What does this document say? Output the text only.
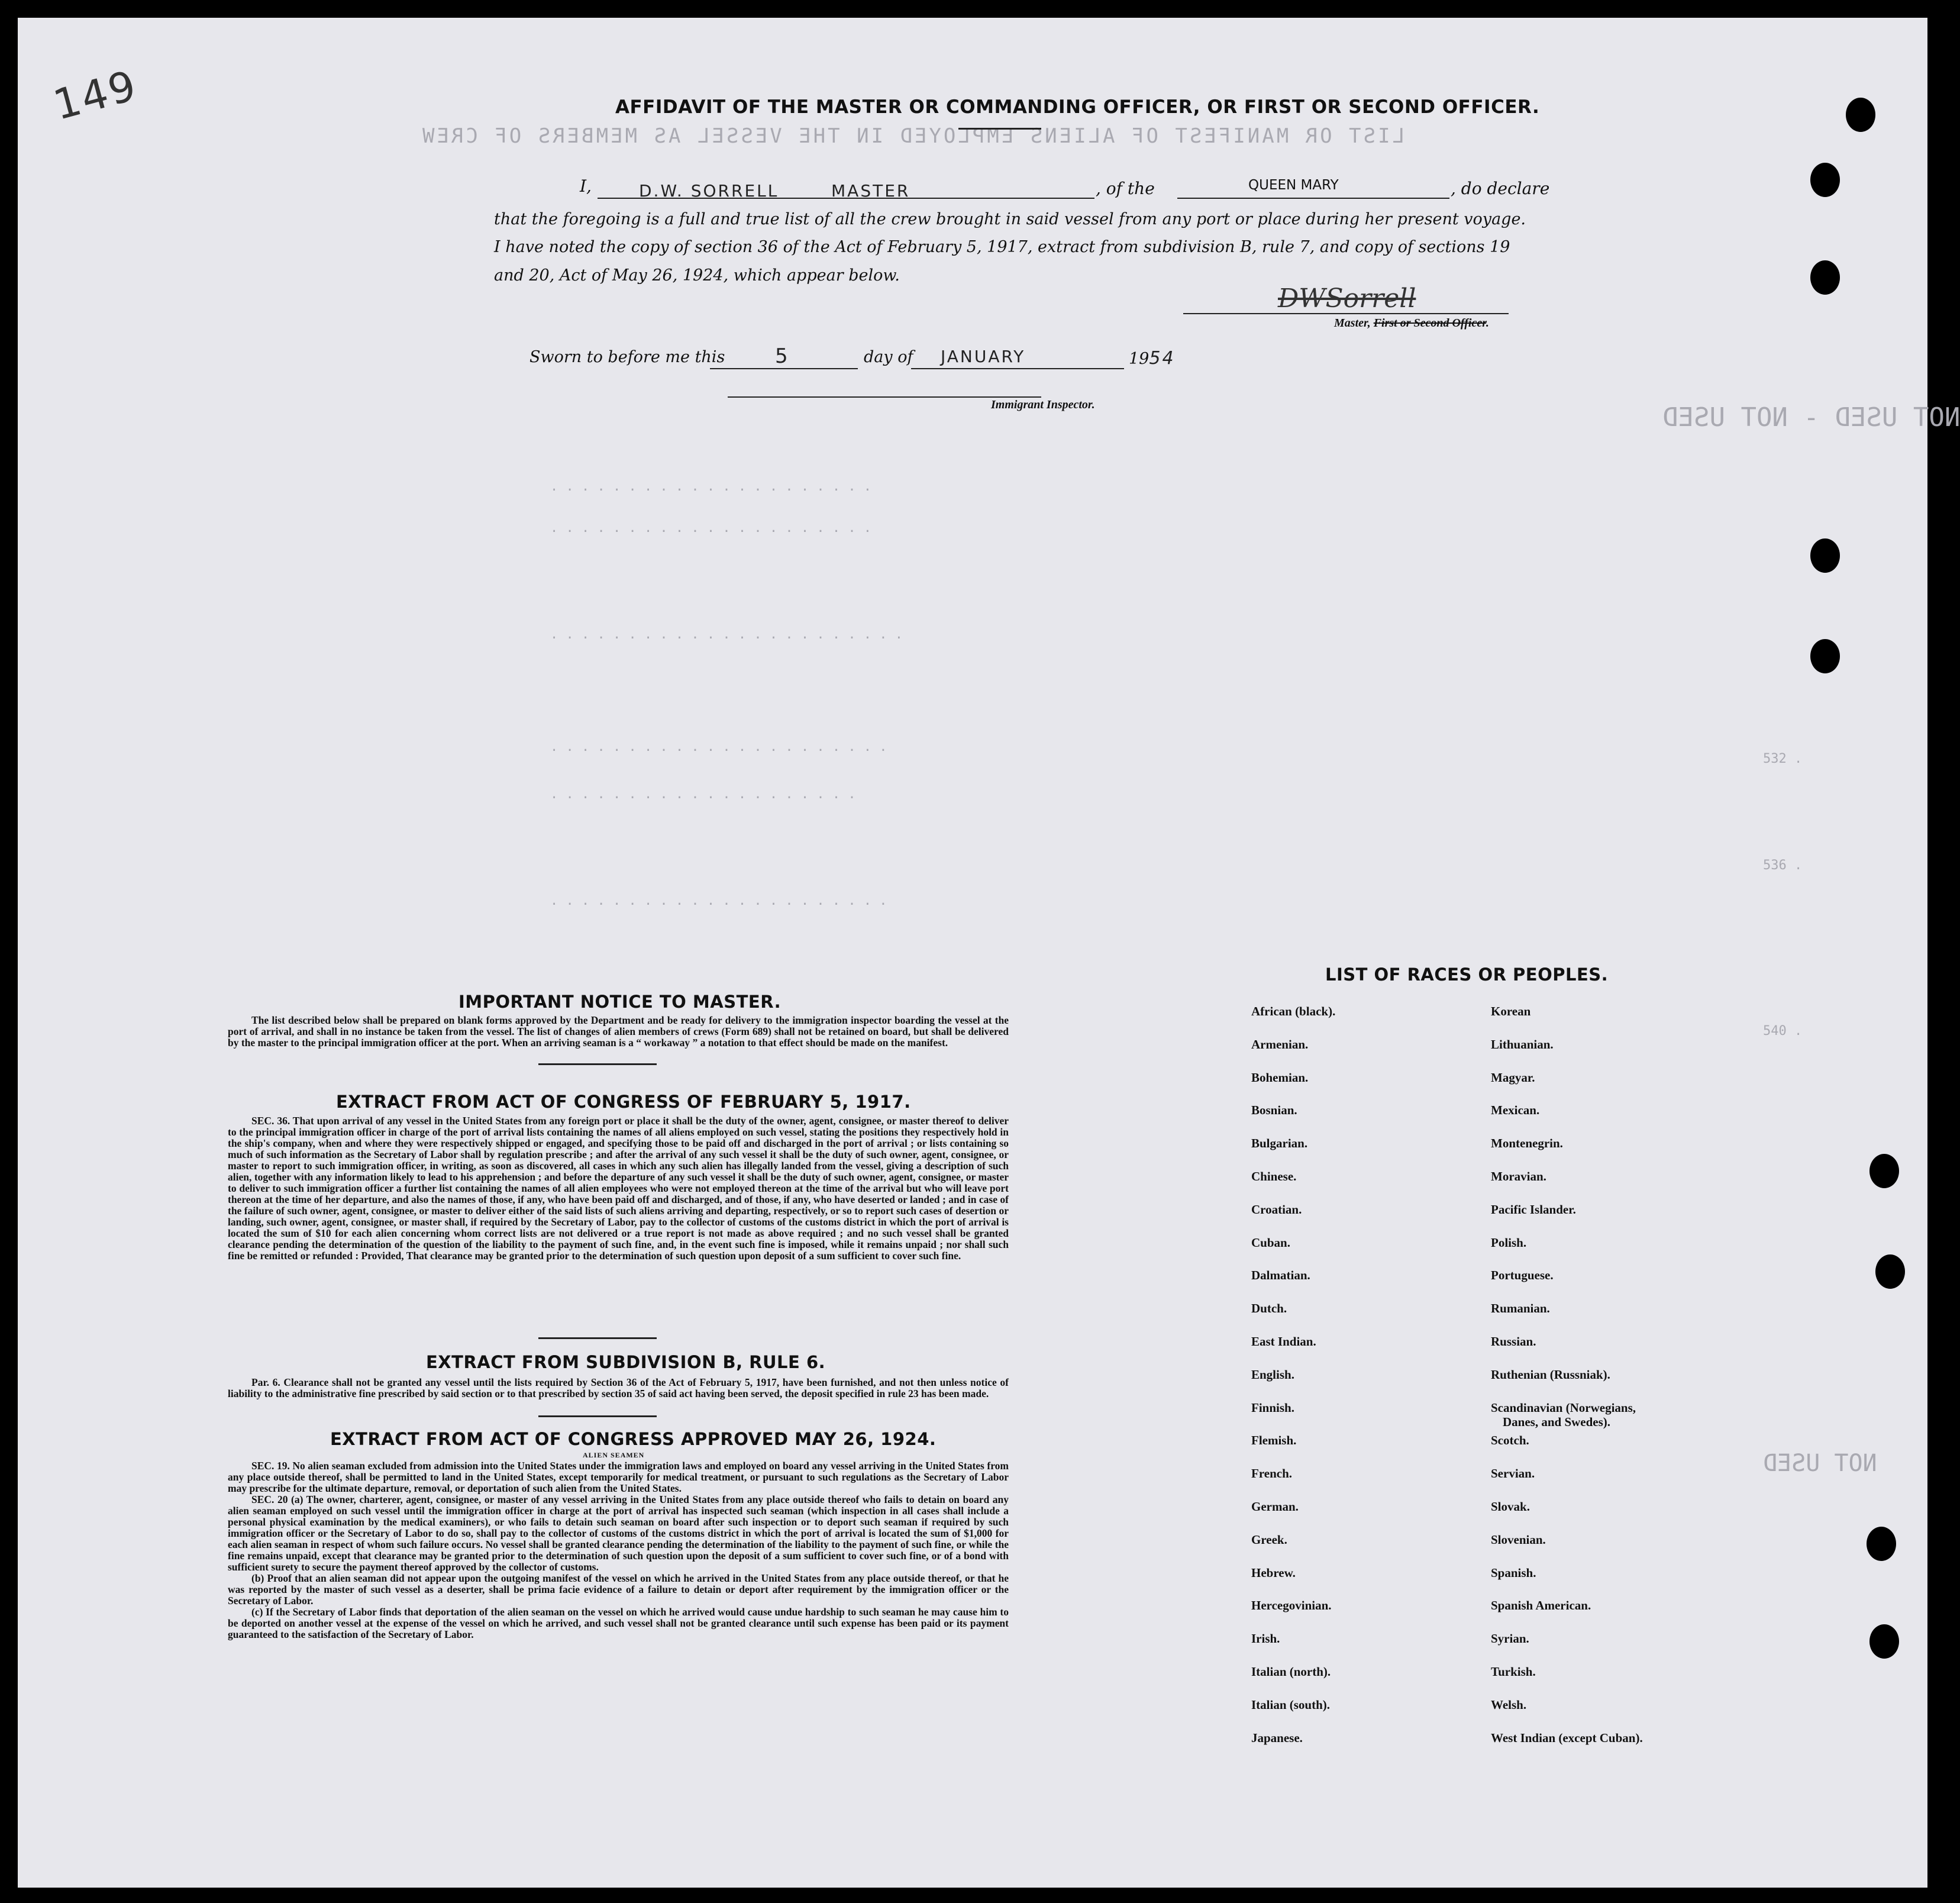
LIST OR MANIFEST OF ALIENS EMPLOYED IN THE VESSEL AS MEMBERS OF CREW
NOT USED - NOT USED
. . . . . . . . . . . . . . . . . . . . .
. . . . . . . . . . . . . . . . . . . . .
. . . . . . . . . . . . . . . . . . . . . . .
. . . . . . . . . . . . . . . . . . . . . .
. . . . . . . . . . . . . . . . . . . .
. . . . . . . . . . . . . . . . . . . . . .
532 .
536 .
540 .
NOT USED
149	AFFIDAVIT OF THE MASTER OR COMMANDING OFFICER, OR FIRST OR SECOND OFFICER.
I,	D.W. SORRELL	MASTER	, of the	QUEEN MARY	, do declare
that the foregoing is a full and true list of all the crew brought in said vessel from any port or place during her present voyage.
I have noted the copy of section 36 of the Act of February 5, 1917, extract from subdivision B, rule 7, and copy of sections 19
and 20, Act of May 26, 1924, which appear below.
DWSorrell
Master, First or Second Officer.
Sworn to before me this 5	day of JANUARY	1954
Immigrant Inspector.
IMPORTANT NOTICE TO MASTER.
The list described below shall be prepared on blank forms approved by the Department and be ready for delivery to the immigration inspector boarding the vessel at the port of arrival, and shall in no instance be taken from the vessel. The list of changes of alien members of crews (Form 689) shall not be retained on board, but shall be delivered by the master to the principal immigration officer at the port. When an arriving seaman is a “ workaway ” a notation to that effect should be made on the manifest.
EXTRACT FROM ACT OF CONGRESS OF FEBRUARY 5, 1917.
SEC. 36. That upon arrival of any vessel in the United States from any foreign port or place it shall be the duty of the owner, agent, consignee, or master thereof to deliver to the principal immigration officer in charge of the port of arrival lists containing the names of all aliens employed on such vessel, stating the positions they respectively hold in the ship's company, when and where they were respectively shipped or engaged, and specifying those to be paid off and discharged in the port of arrival ; or lists containing so much of such information as the Secretary of Labor shall by regulation prescribe ; and after the arrival of any such vessel it shall be the duty of such owner, agent, consignee, or master to report to such immigration officer, in writing, as soon as discovered, all cases in which any such alien has illegally landed from the vessel, giving a description of such alien, together with any information likely to lead to his apprehension ; and before the departure of any such vessel it shall be the duty of such owner, agent, consignee, or master to deliver to such immigration officer a further list containing the names of all alien employees who were not employed thereon at the time of the arrival but who will leave port thereon at the time of her departure, and also the names of those, if any, who have been paid off and discharged, and of those, if any, who have deserted or landed ; and in case of the failure of such owner, agent, consignee, or master to deliver either of the said lists of such aliens arriving and departing, respectively, or so to report such cases of desertion or landing, such owner, agent, consignee, or master shall, if required by the Secretary of Labor, pay to the collector of customs of the customs district in which the port of arrival is located the sum of $10 for each alien concerning whom correct lists are not delivered or a true report is not made as above required ; and no such vessel shall be granted clearance pending the determination of the question of the liability to the payment of such fine, and, in the event such fine is imposed, while it remains unpaid ; nor shall such fine be remitted or refunded : Provided, That clearance may be granted prior to the determination of such question upon deposit of a sum sufficient to cover such fine.
EXTRACT FROM SUBDIVISION B, RULE 6.
Par. 6. Clearance shall not be granted any vessel until the lists required by Section 36 of the Act of February 5, 1917, have been furnished, and not then unless notice of liability to the administrative fine prescribed by said section or to that prescribed by section 35 of said act having been served, the deposit specified in rule 23 has been made.
EXTRACT FROM ACT OF CONGRESS APPROVED MAY 26, 1924.
ALIEN SEAMEN
SEC. 19. No alien seaman excluded from admission into the United States under the immigration laws and employed on board any vessel arriving in the United States from any place outside thereof, shall be permitted to land in the United States, except temporarily for medical treatment, or pursuant to such regulations as the Secretary of Labor may prescribe for the ultimate departure, removal, or deportation of such alien from the United States.
SEC. 20 (a) The owner, charterer, agent, consignee, or master of any vessel arriving in the United States from any place outside thereof who fails to detain on board any alien seaman employed on such vessel until the immigration officer in charge at the port of arrival has inspected such seaman (which inspection in all cases shall include a personal physical examination by the medical examiners), or who fails to detain such seaman on board after such inspection or to deport such seaman if required by such immigration officer or the Secretary of Labor to do so, shall pay to the collector of customs of the customs district in which the port of arrival is located the sum of $1,000 for each alien seaman in respect of whom such failure occurs. No vessel shall be granted clearance pending the determination of the liability to the payment of such fine, or while the fine remains unpaid, except that clearance may be granted prior to the determination of such question upon the deposit of a sum sufficient to cover such fine, or of a bond with sufficient surety to secure the payment thereof approved by the collector of customs.
(b) Proof that an alien seaman did not appear upon the outgoing manifest of the vessel on which he arrived in the United States from any place outside thereof, or that he was reported by the master of such vessel as a deserter, shall be prima facie evidence of a failure to detain or deport after requirement by the immigration officer or the Secretary of Labor.
(c) If the Secretary of Labor finds that deportation of the alien seaman on the vessel on which he arrived would cause undue hardship to such seaman he may cause him to be deported on another vessel at the expense of the vessel on which he arrived, and such vessel shall not be granted clearance until such expense has been paid or its payment guaranteed to the satisfaction of the Secretary of Labor.
LIST OF RACES OR PEOPLES.
African (black).
Armenian.
Bohemian.
Bosnian.
Bulgarian.
Chinese.
Croatian.
Cuban.
Dalmatian.
Dutch.
East Indian.
English.
Finnish.
Flemish.
French.
German.
Greek.
Hebrew.
Hercegovinian.
Irish.
Italian (north).
Italian (south).
Japanese.
Korean
Lithuanian.
Magyar.
Mexican.
Montenegrin.
Moravian.
Pacific Islander.
Polish.
Portuguese.
Rumanian.
Russian.
Ruthenian (Russniak).
Scandinavian (Norwegians,
Danes, and Swedes).
Scotch.
Servian.
Slovak.
Slovenian.
Spanish.
Spanish American.
Syrian.
Turkish.
Welsh.
West Indian (except Cuban).
